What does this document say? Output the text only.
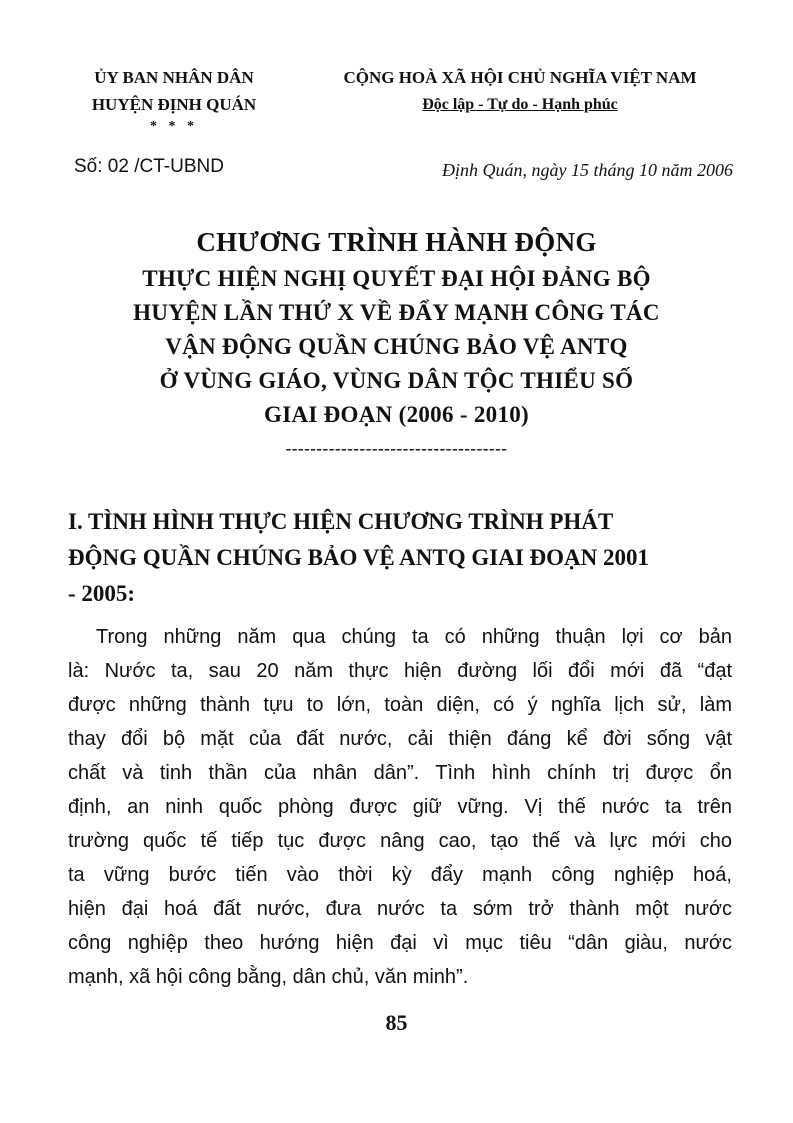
ỦY BAN NHÂN DÂN
HUYỆN ĐỊNH QUÁN
* * *
CỘNG HOÀ XÃ HỘI CHỦ NGHĨA VIỆT NAM
Độc lập - Tự do - Hạnh phúc
Số: 02 /CT-UBND	Định Quán, ngày 15 tháng 10 năm 2006
CHƯƠNG TRÌNH HÀNH ĐỘNG
THỰC HIỆN NGHỊ QUYẾT ĐẠI HỘI ĐẢNG BỘ
HUYỆN LẦN THỨ X VỀ ĐẨY MẠNH CÔNG TÁC
VẬN ĐỘNG QUẦN CHÚNG BẢO VỆ ANTQ
Ở VÙNG GIÁO, VÙNG DÂN TỘC THIỂU SỐ
GIAI ĐOẠN (2006 - 2010)
------------------------------------
I. TÌNH HÌNH THỰC HIỆN CHƯƠNG TRÌNH PHÁT
ĐỘNG QUẦN CHÚNG BẢO VỆ ANTQ GIAI ĐOẠN 2001
- 2005:
Trong những năm qua chúng ta có những thuận lợi cơ bản
là: Nước ta, sau 20 năm thực hiện đường lối đổi mới đã “đạt
được những thành tựu to lớn, toàn diện, có ý nghĩa lịch sử, làm
thay đổi bộ mặt của đất nước, cải thiện đáng kể đời sống vật
chất và tinh thần của nhân dân”. Tình hình chính trị được ổn
định, an ninh quốc phòng được giữ vững. Vị thế nước ta trên
trường quốc tế tiếp tục được nâng cao, tạo thế và lực mới cho
ta vững bước tiến vào thời kỳ đẩy mạnh công nghiệp hoá,
hiện đại hoá đất nước, đưa nước ta sớm trở thành một nước
công nghiệp theo hướng hiện đại vì mục tiêu “dân giàu, nước
mạnh, xã hội công bằng, dân chủ, văn minh”.
85
